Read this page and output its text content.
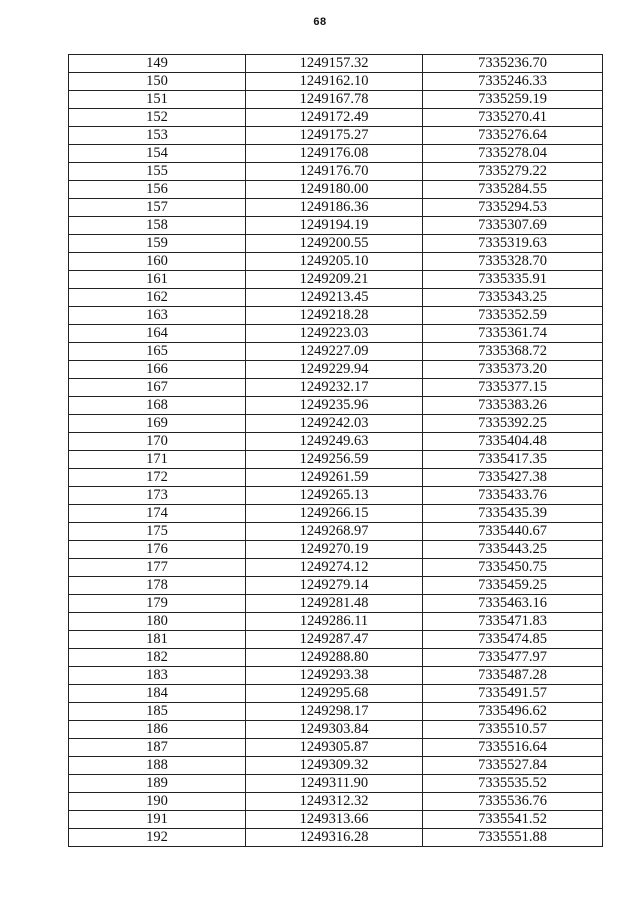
68
149	1249157.32	7335236.70
150	1249162.10	7335246.33
151	1249167.78	7335259.19
152	1249172.49	7335270.41
153	1249175.27	7335276.64
154	1249176.08	7335278.04
155	1249176.70	7335279.22
156	1249180.00	7335284.55
157	1249186.36	7335294.53
158	1249194.19	7335307.69
159	1249200.55	7335319.63
160	1249205.10	7335328.70
161	1249209.21	7335335.91
162	1249213.45	7335343.25
163	1249218.28	7335352.59
164	1249223.03	7335361.74
165	1249227.09	7335368.72
166	1249229.94	7335373.20
167	1249232.17	7335377.15
168	1249235.96	7335383.26
169	1249242.03	7335392.25
170	1249249.63	7335404.48
171	1249256.59	7335417.35
172	1249261.59	7335427.38
173	1249265.13	7335433.76
174	1249266.15	7335435.39
175	1249268.97	7335440.67
176	1249270.19	7335443.25
177	1249274.12	7335450.75
178	1249279.14	7335459.25
179	1249281.48	7335463.16
180	1249286.11	7335471.83
181	1249287.47	7335474.85
182	1249288.80	7335477.97
183	1249293.38	7335487.28
184	1249295.68	7335491.57
185	1249298.17	7335496.62
186	1249303.84	7335510.57
187	1249305.87	7335516.64
188	1249309.32	7335527.84
189	1249311.90	7335535.52
190	1249312.32	7335536.76
191	1249313.66	7335541.52
192	1249316.28	7335551.88
